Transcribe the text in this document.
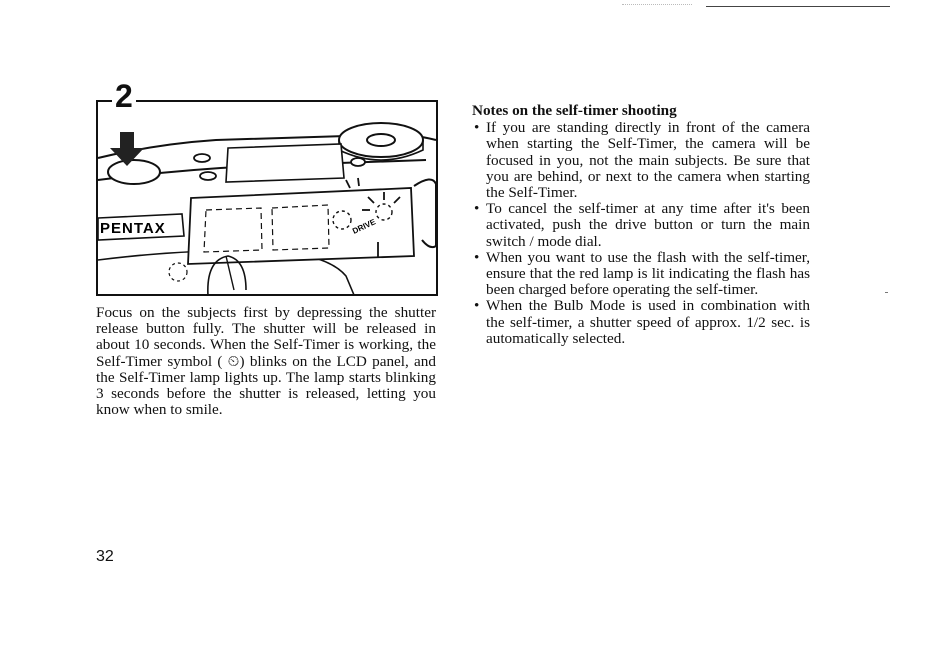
DRIVE
PENTAX
2

Focus on the subjects first by depressing the shutter release button fully. The shutter will be released in about 10 seconds. When the Self-Timer is working, the Self-Timer symbol ( ⏲) blinks on the LCD panel, and the Self-Timer lamp lights up. The lamp starts blinking 3 seconds before the shutter is released, letting you know when to smile.

Notes on the self-timer shooting

• If you are standing directly in front of the camera when starting the Self-Timer, the camera will be focused in you, not the main subjects. Be sure that you are behind, or next to the camera when starting the Self-Timer.
• To cancel the self-timer at any time after it's been activated, push the drive button or turn the main switch / mode dial.
• When you want to use the flash with the self-timer, ensure that the red lamp is lit indicating the flash has been charged before operating the self-timer.
• When the Bulb Mode is used in combination with the self-timer, a shutter speed of approx. 1/2 sec. is automatically selected.
32
